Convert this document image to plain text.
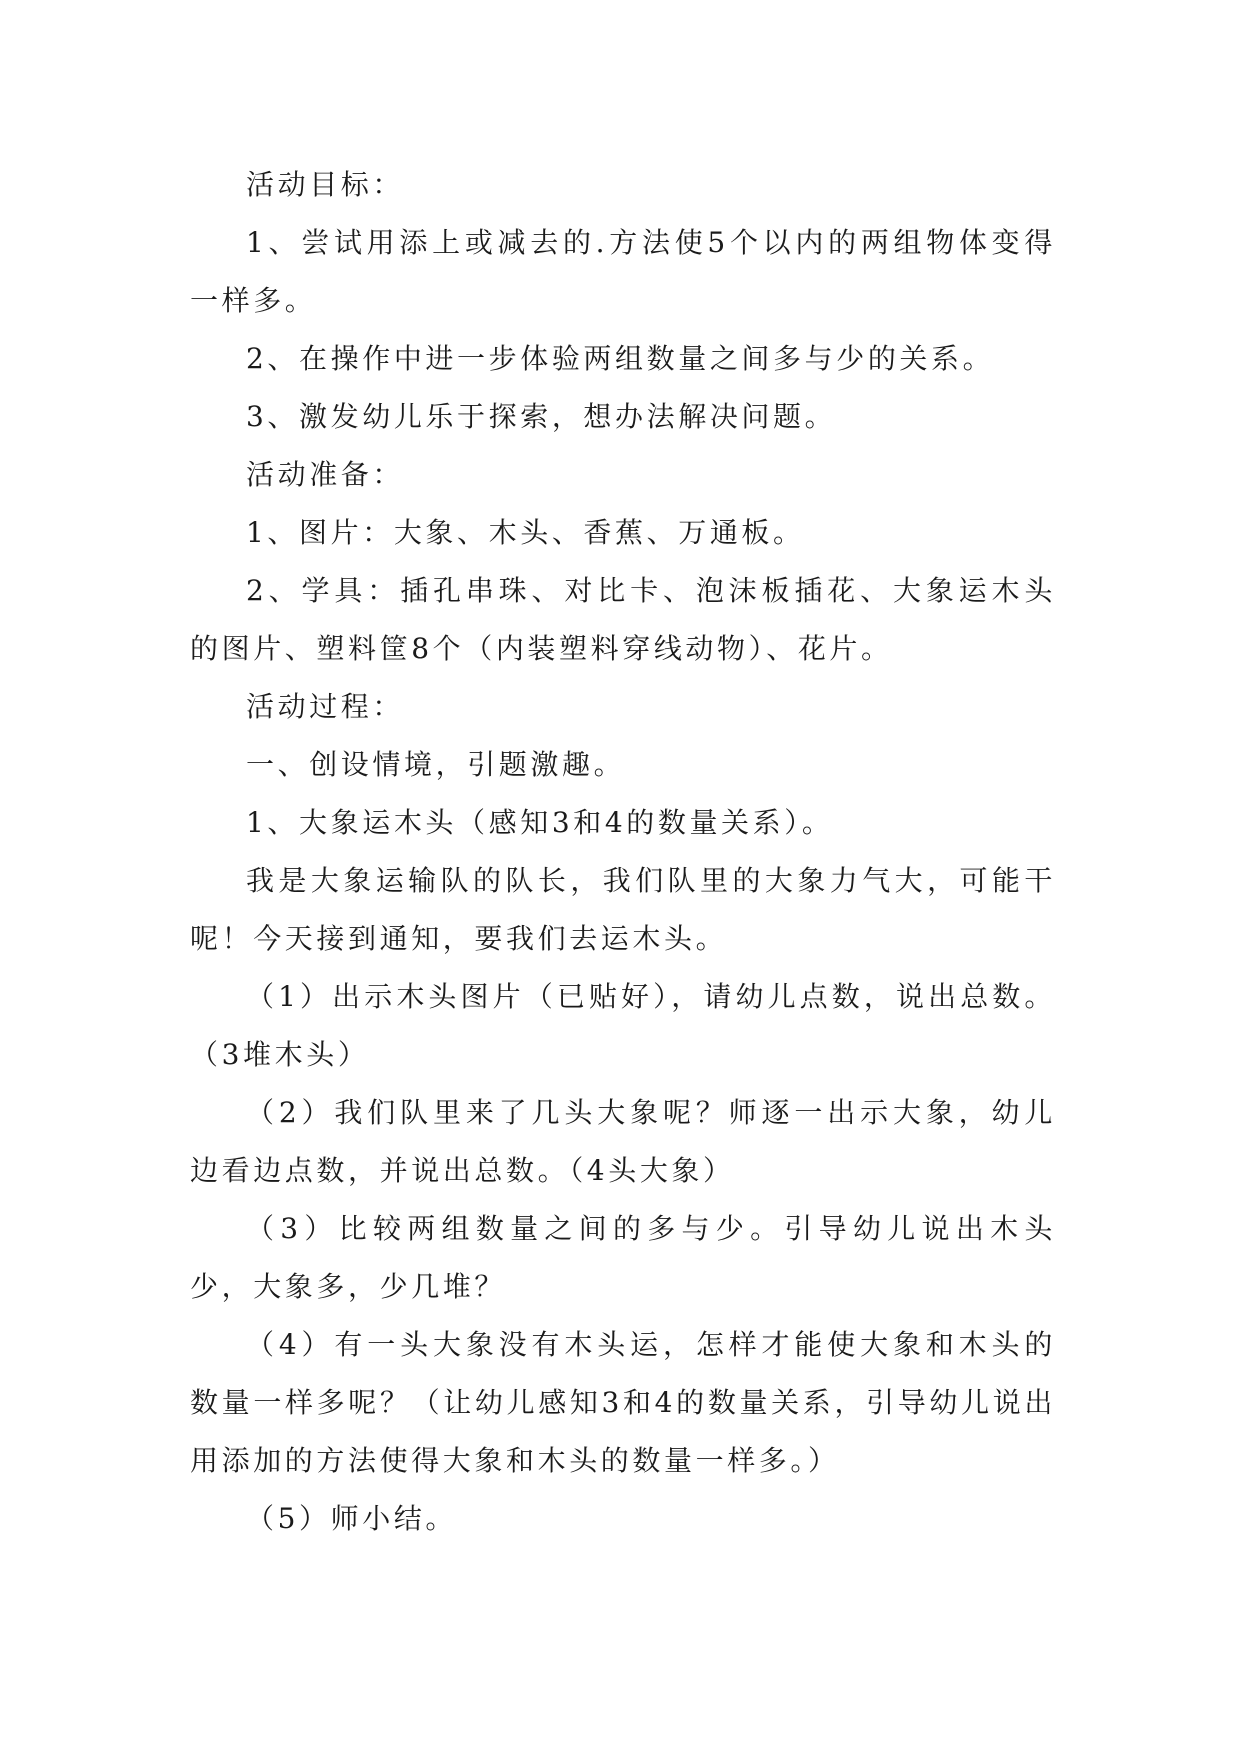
活动目标：

1、尝试用添上或减去的.方法使5个以内的两组物体变得一样多。

2、在操作中进一步体验两组数量之间多与少的关系。

3、激发幼儿乐于探索，想办法解决问题。

活动准备：

1、图片：大象、木头、香蕉、万通板。

2、学具：插孔串珠、对比卡、泡沫板插花、大象运木头的图片、塑料筐8个（内装塑料穿线动物）、花片。

活动过程：

一、创设情境，引题激趣。

1、大象运木头（感知3和4的数量关系）。

我是大象运输队的队长，我们队里的大象力气大，可能干呢！今天接到通知，要我们去运木头。

（1）出示木头图片（已贴好），请幼儿点数，说出总数。（3堆木头）

（2）我们队里来了几头大象呢？师逐一出示大象，幼儿边看边点数，并说出总数。（4头大象）

（3）比较两组数量之间的多与少。引导幼儿说出木头少，大象多，少几堆？

（4）有一头大象没有木头运，怎样才能使大象和木头的数量一样多呢？（让幼儿感知3和4的数量关系，引导幼儿说出用添加的方法使得大象和木头的数量一样多。）

（5）师小结。
